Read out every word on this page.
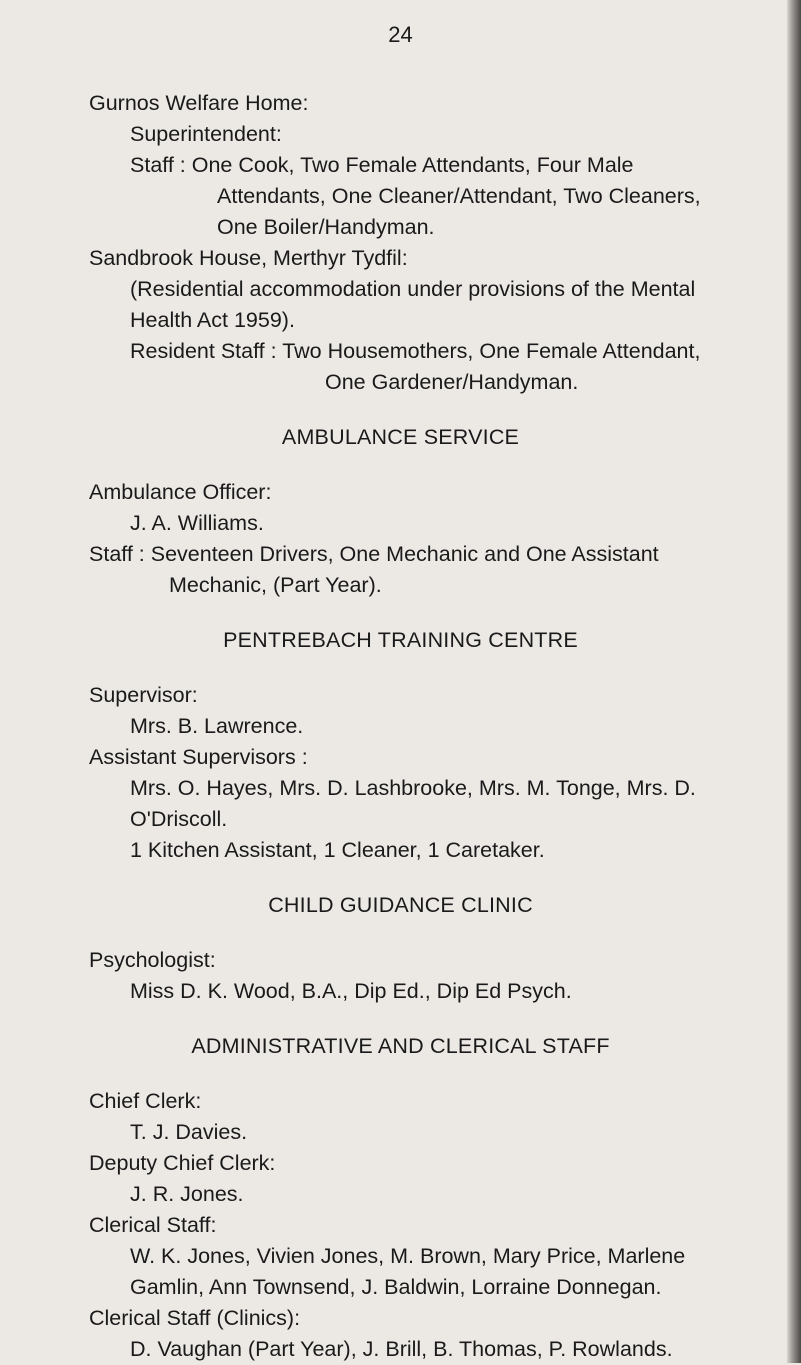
24
Gurnos Welfare Home:
Superintendent:
Staff : One Cook, Two Female Attendants, Four Male
Attendants, One Cleaner/Attendant, Two Cleaners,
One Boiler/Handyman.
Sandbrook House, Merthyr Tydfil:
(Residential accommodation under provisions of the Mental
Health Act 1959).
Resident Staff : Two Housemothers, One Female Attendant,
One Gardener/Handyman.
AMBULANCE SERVICE
Ambulance Officer:
J. A. Williams.
Staff : Seventeen Drivers, One Mechanic and One Assistant
Mechanic, (Part Year).
PENTREBACH TRAINING CENTRE
Supervisor:
Mrs. B. Lawrence.
Assistant Supervisors :
Mrs. O. Hayes, Mrs. D. Lashbrooke, Mrs. M. Tonge, Mrs. D.
O'Driscoll.
1 Kitchen Assistant, 1 Cleaner, 1 Caretaker.
CHILD GUIDANCE CLINIC
Psychologist:
Miss D. K. Wood, B.A., Dip Ed., Dip Ed Psych.
ADMINISTRATIVE AND CLERICAL STAFF
Chief Clerk:
T. J. Davies.
Deputy Chief Clerk:
J. R. Jones.
Clerical Staff:
W. K. Jones, Vivien Jones, M. Brown, Mary Price, Marlene
Gamlin, Ann Townsend, J. Baldwin, Lorraine Donnegan.
Clerical Staff (Clinics):
D. Vaughan (Part Year), J. Brill, B. Thomas, P. Rowlands.
